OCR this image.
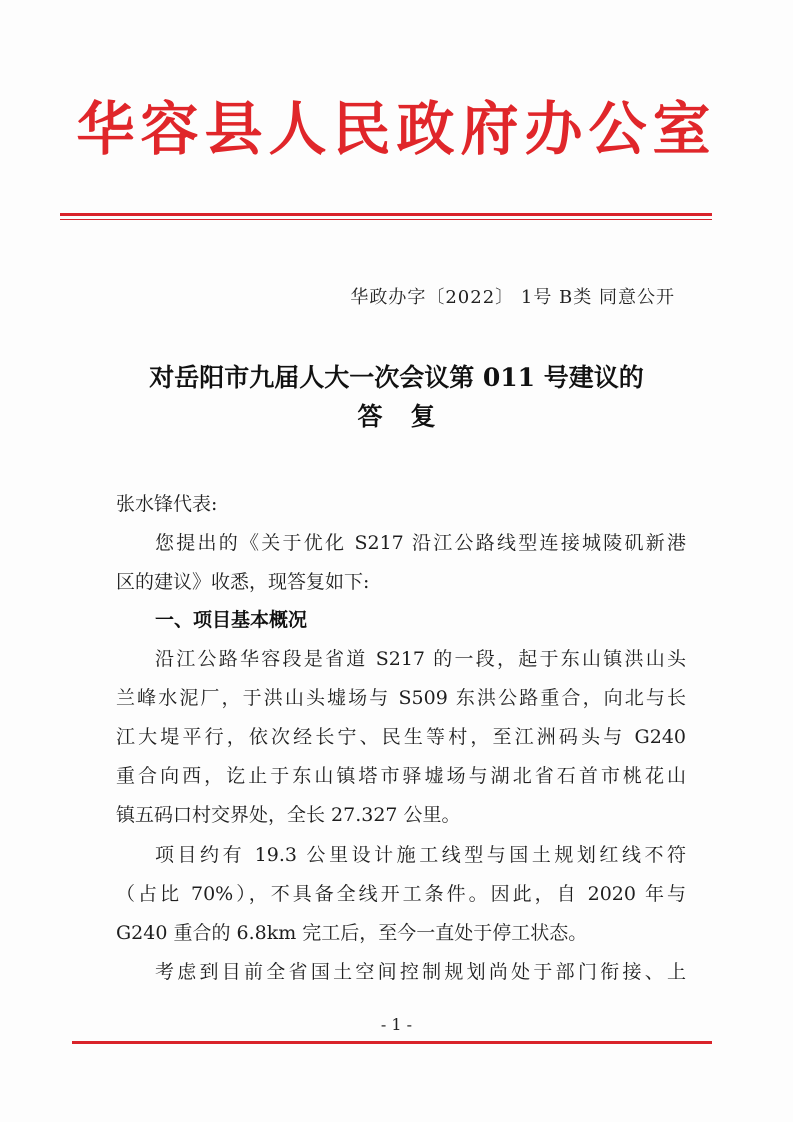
华容县人民政府办公室
华政办字〔2022〕 1号 B类 同意公开
对岳阳市九届人大一次会议第 011 号建议的
答复
张水锋代表:
您提出的《关于优化 S217 沿江公路线型连接城陵矶新港
区的建议》收悉，现答复如下:
一、项目基本概况
沿江公路华容段是省道 S217 的一段，起于东山镇洪山头
兰峰水泥厂，于洪山头墟场与 S509 东洪公路重合，向北与长
江大堤平行，依次经长宁、民生等村，至江洲码头与 G240
重合向西，讫止于东山镇塔市驿墟场与湖北省石首市桃花山
镇五码口村交界处，全长 27.327 公里。
项目约有 19.3 公里设计施工线型与国土规划红线不符
（占比 70%），不具备全线开工条件。因此，自 2020 年与
G240 重合的 6.8km 完工后，至今一直处于停工状态。
考虑到目前全省国土空间控制规划尚处于部门衔接、上
- 1 -
